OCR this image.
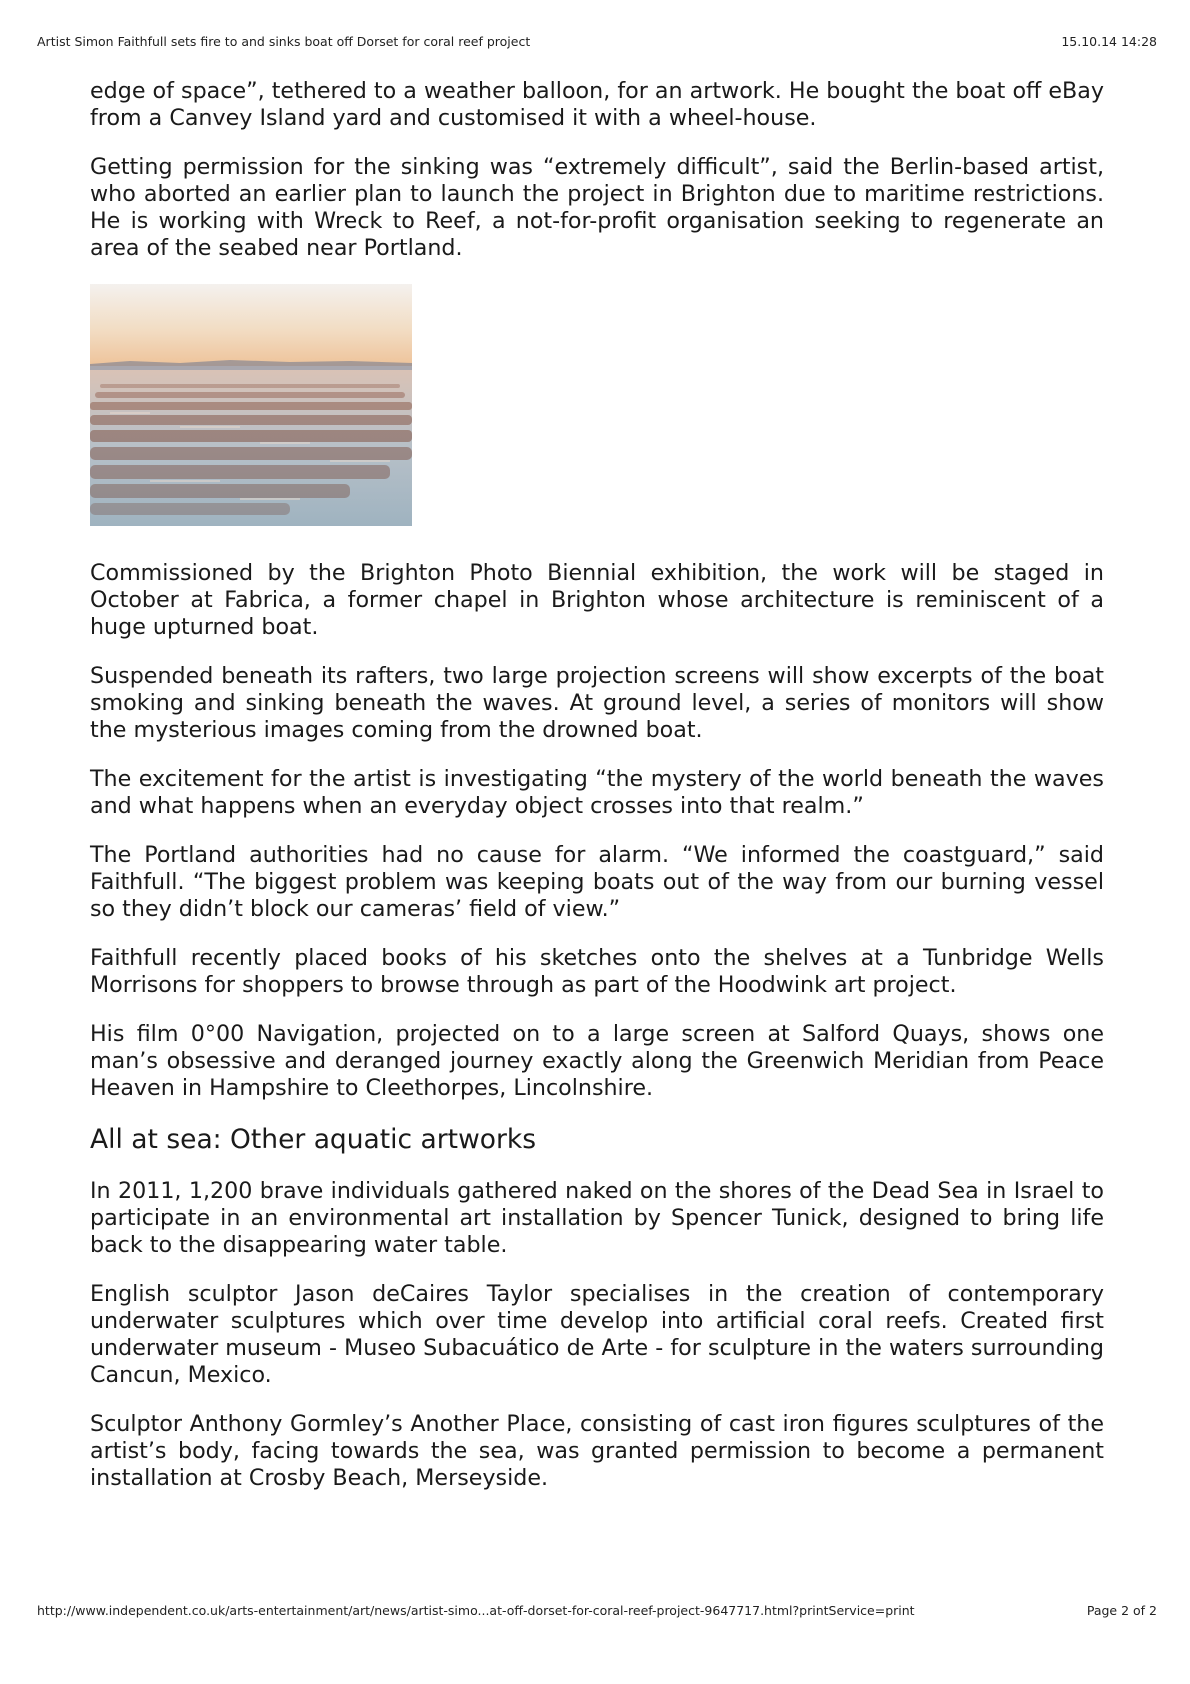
Artist Simon Faithfull sets fire to and sinks boat off Dorset for coral reef project	15.10.14 14:28

edge of space”, tethered to a weather balloon, for an artwork. He bought the boat off eBay from a Canvey Island yard and customised it with a wheel-house.

Getting permission for the sinking was “extremely difficult”, said the Berlin-based artist, who aborted an earlier plan to launch the project in Brighton due to maritime restrictions. He is working with Wreck to Reef, a not-for-profit organisation seeking to regenerate an area of the seabed near Portland.

Commissioned by the Brighton Photo Biennial exhibition, the work will be staged in October at Fabrica, a former chapel in Brighton whose architecture is reminiscent of a huge upturned boat.

Suspended beneath its rafters, two large projection screens will show excerpts of the boat smoking and sinking beneath the waves. At ground level, a series of monitors will show the mysterious images coming from the drowned boat.

The excitement for the artist is investigating “the mystery of the world beneath the waves and what happens when an everyday object crosses into that realm.”

The Portland authorities had no cause for alarm. “We informed the coastguard,” said Faithfull. “The biggest problem was keeping boats out of the way from our burning vessel so they didn’t block our cameras’ field of view.”

Faithfull recently placed books of his sketches onto the shelves at a Tunbridge Wells Morrisons for shoppers to browse through as part of the Hoodwink art project.

His film 0°00 Navigation, projected on to a large screen at Salford Quays, shows one man’s obsessive and deranged journey exactly along the Greenwich Meridian from Peace Heaven in Hampshire to Cleethorpes, Lincolnshire.

All at sea: Other aquatic artworks

In 2011, 1,200 brave individuals gathered naked on the shores of the Dead Sea in Israel to participate in an environmental art installation by Spencer Tunick, designed to bring life back to the disappearing water table.

English sculptor Jason deCaires Taylor specialises in the creation of contemporary underwater sculptures which over time develop into artificial coral reefs. Created first underwater museum - Museo Subacuático de Arte - for sculpture in the waters surrounding Cancun, Mexico.

Sculptor Anthony Gormley’s Another Place, consisting of cast iron figures sculptures of the artist’s body, facing towards the sea, was granted permission to become a permanent installation at Crosby Beach, Merseyside.

http://www.independent.co.uk/arts-entertainment/art/news/artist-simo...at-off-dorset-for-coral-reef-project-9647717.html?printService=print	Page 2 of 2
